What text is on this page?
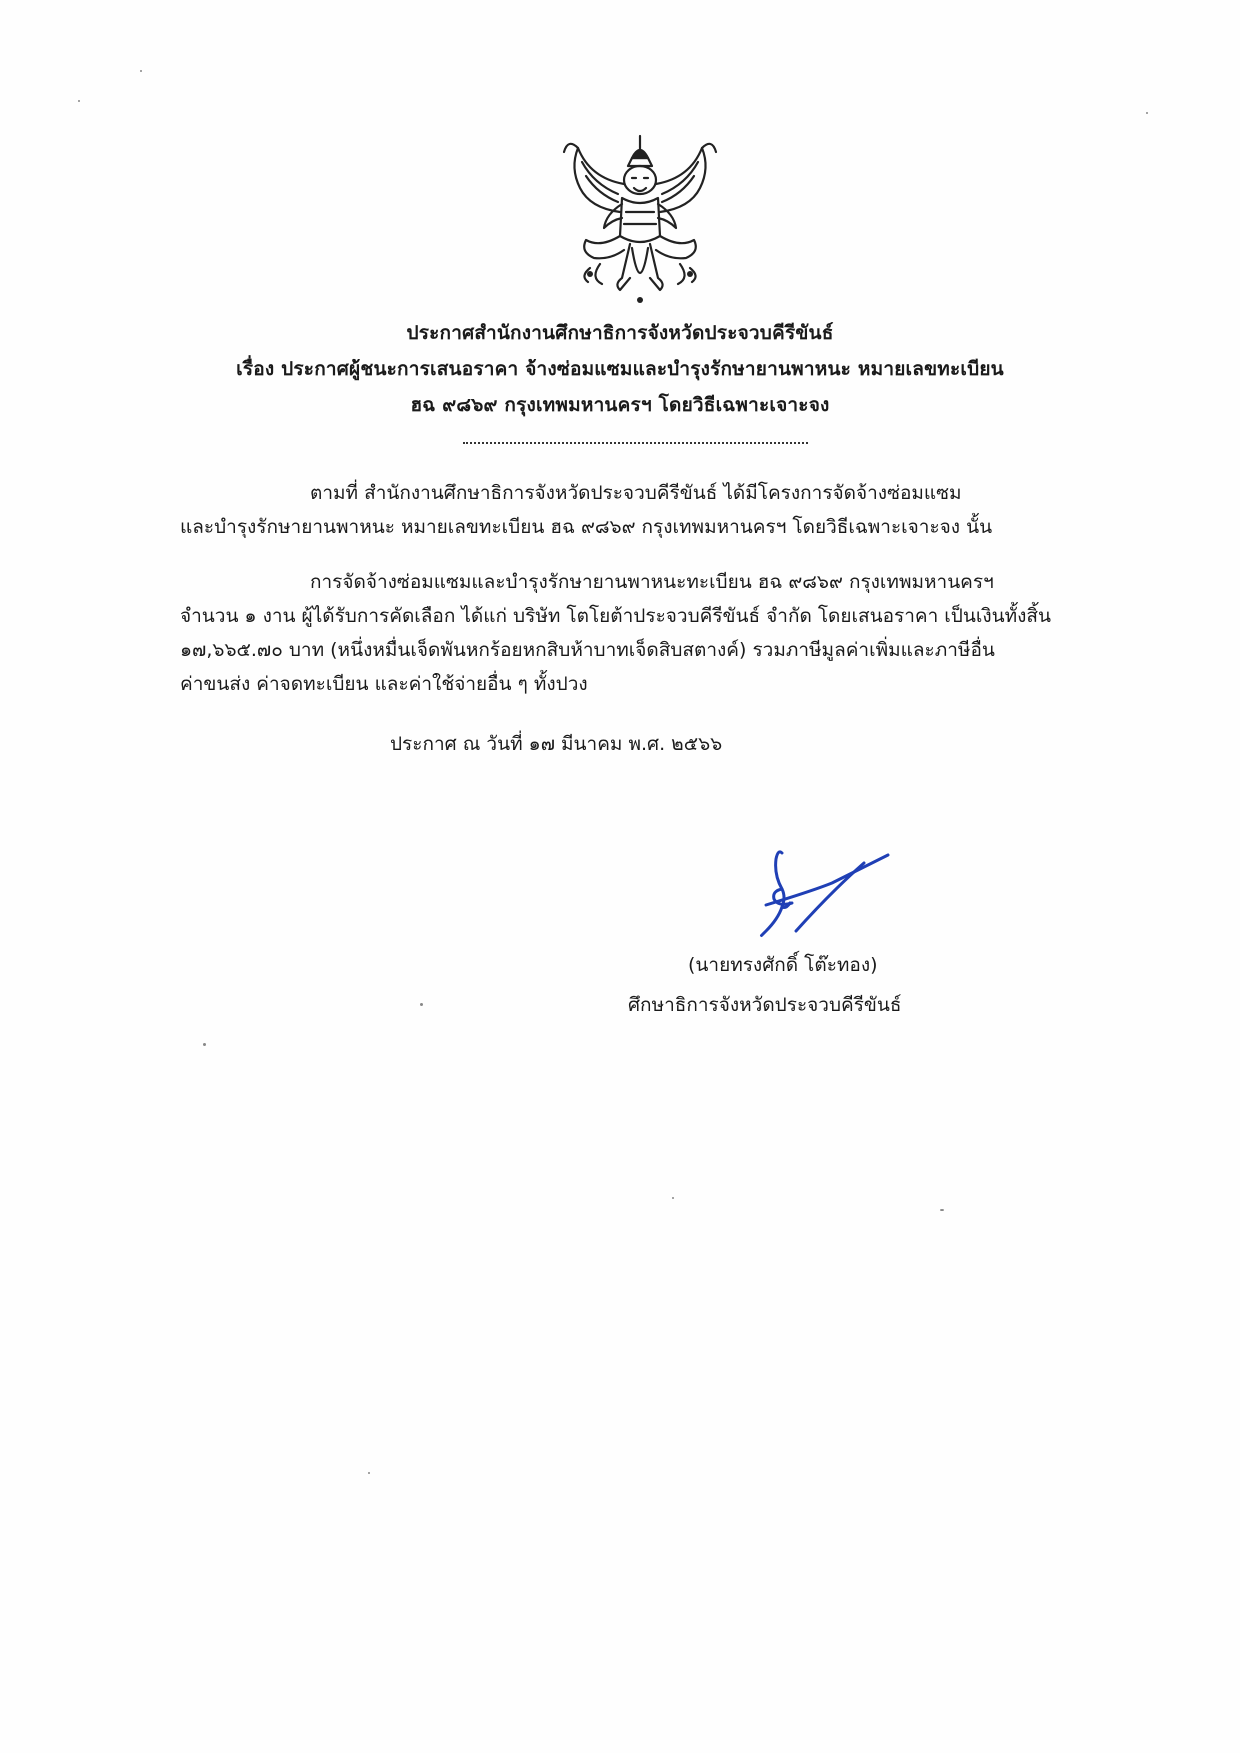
ประกาศสำนักงานศึกษาธิการจังหวัดประจวบคีรีขันธ์
เรื่อง ประกาศผู้ชนะการเสนอราคา จ้างซ่อมแซมและบำรุงรักษายานพาหนะ หมายเลขทะเบียน
ฮฉ ๙๘๖๙ กรุงเทพมหานครฯ โดยวิธีเฉพาะเจาะจง
ตามที่ สำนักงานศึกษาธิการจังหวัดประจวบคีรีขันธ์ ได้มีโครงการจัดจ้างซ่อมแซม
และบำรุงรักษายานพาหนะ หมายเลขทะเบียน ฮฉ ๙๘๖๙ กรุงเทพมหานครฯ โดยวิธีเฉพาะเจาะจง นั้น
การจัดจ้างซ่อมแซมและบำรุงรักษายานพาหนะทะเบียน ฮฉ ๙๘๖๙ กรุงเทพมหานครฯ
จำนวน ๑ งาน ผู้ได้รับการคัดเลือก ได้แก่ บริษัท โตโยต้าประจวบคีรีขันธ์ จำกัด โดยเสนอราคา เป็นเงินทั้งสิ้น
๑๗,๖๖๕.๗๐ บาท (หนึ่งหมื่นเจ็ดพันหกร้อยหกสิบห้าบาทเจ็ดสิบสตางค์) รวมภาษีมูลค่าเพิ่มและภาษีอื่น
ค่าขนส่ง ค่าจดทะเบียน และค่าใช้จ่ายอื่น ๆ ทั้งปวง
ประกาศ ณ วันที่ ๑๗ มีนาคม พ.ศ. ๒๕๖๖
(นายทรงศักดิ์ โต๊ะทอง)
ศึกษาธิการจังหวัดประจวบคีรีขันธ์
